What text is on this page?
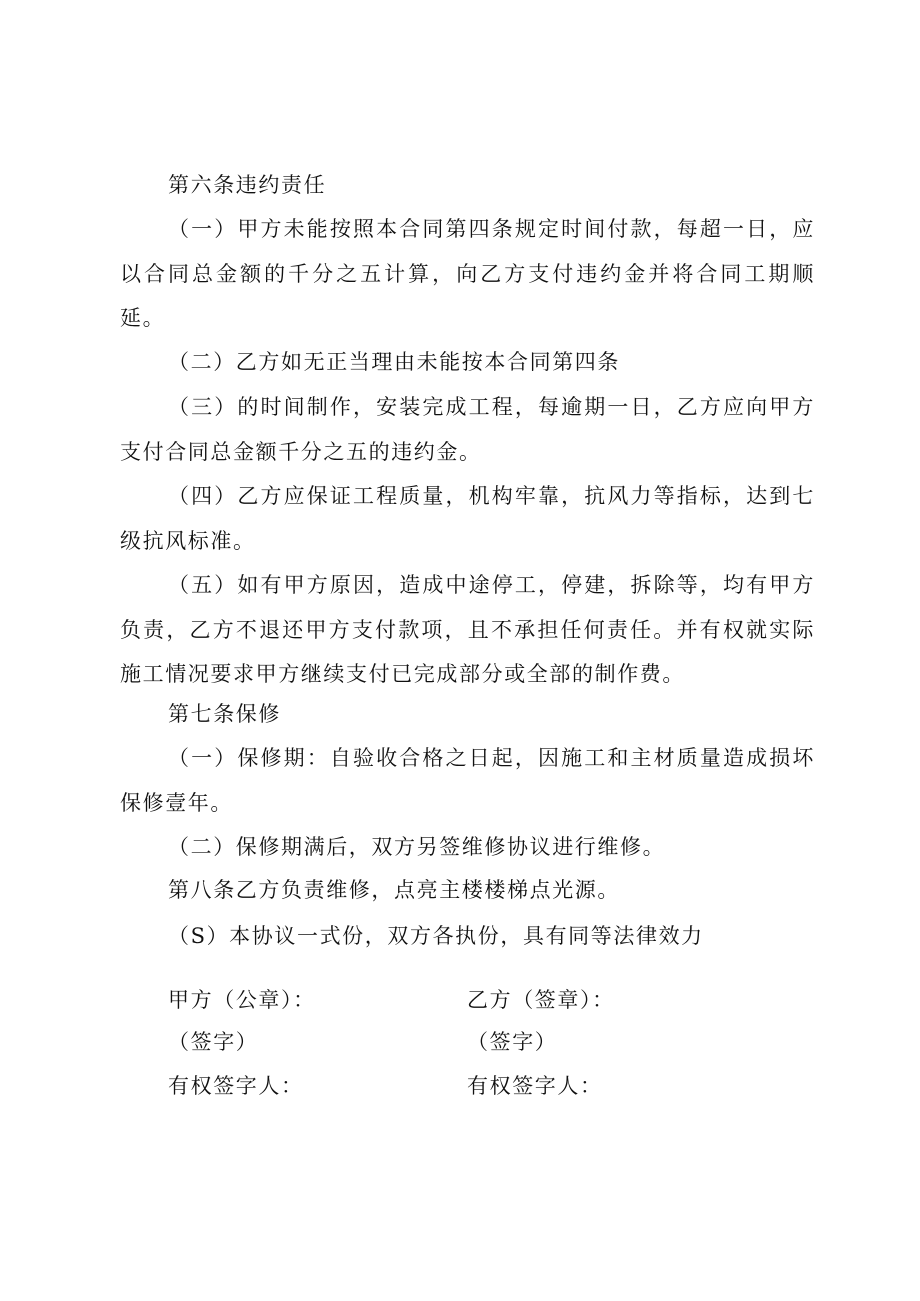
第六条违约责任

（一）甲方未能按照本合同第四条规定时间付款，每超一日，应以合同总金额的千分之五计算，向乙方支付违约金并将合同工期顺延。

（二）乙方如无正当理由未能按本合同第四条

（三）的时间制作，安装完成工程，每逾期一日，乙方应向甲方支付合同总金额千分之五的违约金。

（四）乙方应保证工程质量，机构牢靠，抗风力等指标，达到七级抗风标准。

（五）如有甲方原因，造成中途停工，停建，拆除等，均有甲方负责，乙方不退还甲方支付款项，且不承担任何责任。并有权就实际施工情况要求甲方继续支付已完成部分或全部的制作费。

第七条保修

（一）保修期：自验收合格之日起，因施工和主材质量造成损坏保修壹年。

（二）保修期满后，双方另签维修协议进行维修。

第八条乙方负责维修，点亮主楼楼梯点光源。

（S）本协议一式份，双方各执份，具有同等法律效力

甲方（公章）：	乙方（签章）：

（签字）	（签字）

有权签字人：	有权签字人：
